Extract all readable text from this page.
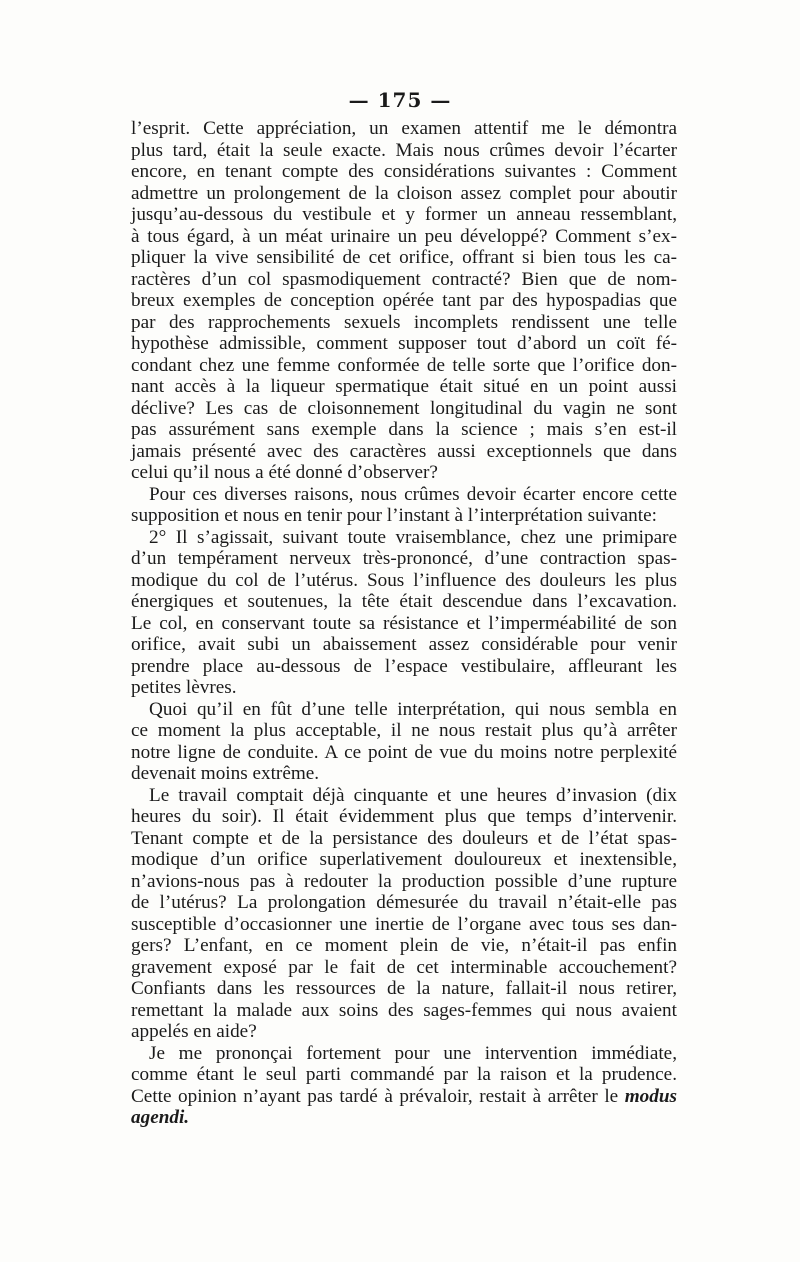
— 175 —
l’esprit. Cette appréciation, un examen attentif me le démontra
plus tard, était la seule exacte. Mais nous crûmes devoir l’écarter
encore, en tenant compte des considérations suivantes : Comment
admettre un prolongement de la cloison assez complet pour aboutir
jusqu’au-dessous du vestibule et y former un anneau ressemblant,
à tous égard, à un méat urinaire un peu développé? Comment s’ex-
pliquer la vive sensibilité de cet orifice, offrant si bien tous les ca-
ractères d’un col spasmodiquement contracté? Bien que de nom-
breux exemples de conception opérée tant par des hypospadias que
par des rapprochements sexuels incomplets rendissent une telle
hypothèse admissible, comment supposer tout d’abord un coït fé-
condant chez une femme conformée de telle sorte que l’orifice don-
nant accès à la liqueur spermatique était situé en un point aussi
déclive? Les cas de cloisonnement longitudinal du vagin ne sont
pas assurément sans exemple dans la science ; mais s’en est-il
jamais présenté avec des caractères aussi exceptionnels que dans
celui qu’il nous a été donné d’observer?
Pour ces diverses raisons, nous crûmes devoir écarter encore cette
supposition et nous en tenir pour l’instant à l’interprétation suivante:
2° Il s’agissait, suivant toute vraisemblance, chez une primipare
d’un tempérament nerveux très-prononcé, d’une contraction spas-
modique du col de l’utérus. Sous l’influence des douleurs les plus
énergiques et soutenues, la tête était descendue dans l’excavation.
Le col, en conservant toute sa résistance et l’imperméabilité de son
orifice, avait subi un abaissement assez considérable pour venir
prendre place au-dessous de l’espace vestibulaire, affleurant les
petites lèvres.
Quoi qu’il en fût d’une telle interprétation, qui nous sembla en
ce moment la plus acceptable, il ne nous restait plus qu’à arrêter
notre ligne de conduite. A ce point de vue du moins notre perplexité
devenait moins extrême.
Le travail comptait déjà cinquante et une heures d’invasion (dix
heures du soir). Il était évidemment plus que temps d’intervenir.
Tenant compte et de la persistance des douleurs et de l’état spas-
modique d’un orifice superlativement douloureux et inextensible,
n’avions-nous pas à redouter la production possible d’une rupture
de l’utérus? La prolongation démesurée du travail n’était-elle pas
susceptible d’occasionner une inertie de l’organe avec tous ses dan-
gers? L’enfant, en ce moment plein de vie, n’était-il pas enfin
gravement exposé par le fait de cet interminable accouchement?
Confiants dans les ressources de la nature, fallait-il nous retirer,
remettant la malade aux soins des sages-femmes qui nous avaient
appelés en aide?
Je me prononçai fortement pour une intervention immédiate,
comme étant le seul parti commandé par la raison et la prudence.
Cette opinion n’ayant pas tardé à prévaloir, restait à arrêter le modus
agendi.
